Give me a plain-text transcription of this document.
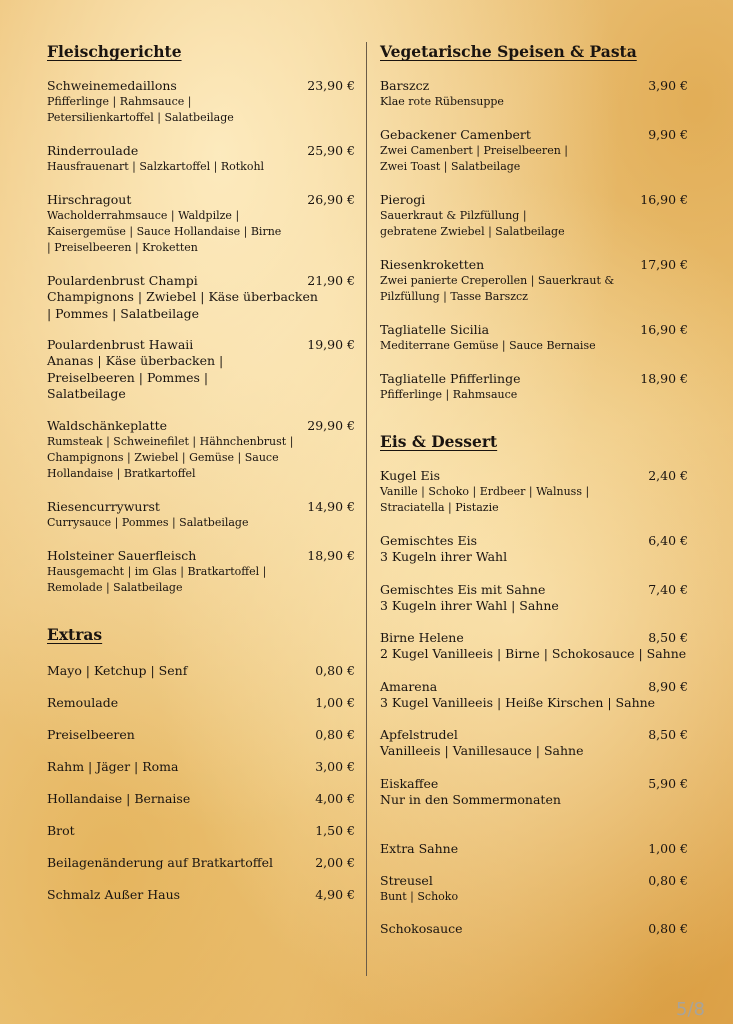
Fleischgerichte
Schweinemedaillons	23,90 €
Pfifferlinge | Rahmsauce | Petersilienkartoffel | Salatbeilage
Rinderroulade	25,90 €
Hausfrauenart | Salzkartoffel | Rotkohl
Hirschragout	26,90 €
Wacholderrahmsauce | Waldpilze | Kaisergemüse | Sauce Hollandaise | Birne | Preiselbeeren | Kroketten
Poulardenbrust Champi	21,90 €
Champignons | Zwiebel | Käse überbacken | Pommes | Salatbeilage
Poulardenbrust Hawaii	19,90 €
Ananas | Käse überbacken | Preiselbeeren | Pommes | Salatbeilage
Waldschänkeplatte	29,90 €
Rumsteak | Schweinefilet | Hähnchenbrust | Champignons | Zwiebel | Gemüse | Sauce Hollandaise | Bratkartoffel
Riesencurrywurst	14,90 €
Currysauce | Pommes | Salatbeilage
Holsteiner Sauerfleisch	18,90 €
Hausgemacht | im Glas | Bratkartoffel | Remolade | Salatbeilage
Extras
Mayo | Ketchup | Senf	0,80 €
Remoulade	1,00 €
Preiselbeeren	0,80 €
Rahm | Jäger | Roma	3,00 €
Hollandaise | Bernaise	4,00 €
Brot	1,50 €
Beilagenänderung auf Bratkartoffel	2,00 €
Schmalz Außer Haus	4,90 €
Vegetarische Speisen & Pasta
Barszcz	3,90 €
Klae rote Rübensuppe
Gebackener Camenbert	9,90 €
Zwei Camenbert | Preiselbeeren | Zwei Toast | Salatbeilage
Pierogi	16,90 €
Sauerkraut & Pilzfüllung | gebratene Zwiebel | Salatbeilage
Riesenkroketten	17,90 €
Zwei panierte Creperollen | Sauerkraut & Pilzfüllung | Tasse Barszcz
Tagliatelle Sicilia	16,90 €
Mediterrane Gemüse | Sauce Bernaise
Tagliatelle Pfifferlinge	18,90 €
Pfifferlinge | Rahmsauce
Eis & Dessert
Kugel Eis	2,40 €
Vanille | Schoko | Erdbeer | Walnuss | Straciatella | Pistazie
Gemischtes Eis	6,40 €
3 Kugeln ihrer Wahl
Gemischtes Eis mit Sahne	7,40 €
3 Kugeln ihrer Wahl | Sahne
Birne Helene	8,50 €
2 Kugel Vanilleeis | Birne | Schokosauce | Sahne
Amarena	8,90 €
3 Kugel Vanilleeis | Heiße Kirschen | Sahne
Apfelstrudel	8,50 €
Vanilleeis | Vanillesauce | Sahne
Eiskaffee	5,90 €
Nur in den Sommermonaten
Extra Sahne	1,00 €
Streusel	0,80 €
Bunt | Schoko
Schokosauce	0,80 €
5/8
